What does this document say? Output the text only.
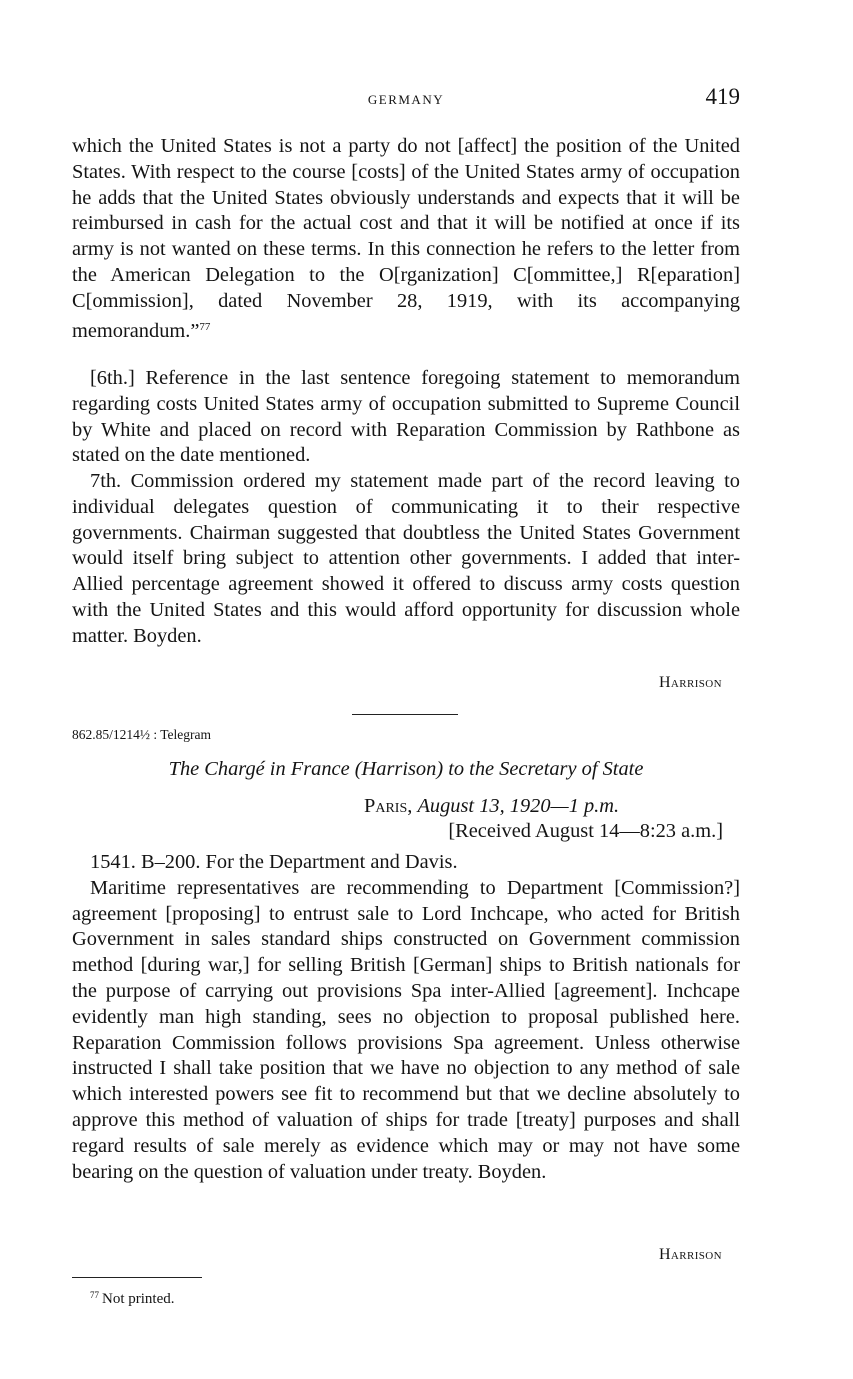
GERMANY	419

which the United States is not a party do not [affect] the position of the United States. With respect to the course [costs] of the United States army of occupation he adds that the United States obviously understands and expects that it will be reimbursed in cash for the actual cost and that it will be notified at once if its army is not wanted on these terms. In this connection he refers to the letter from the American Delegation to the O[rganization] C[ommittee,] R[eparation] C[ommission], dated November 28, 1919, with its accompanying memorandum.”$^{77}$

[6th.] Reference in the last sentence foregoing statement to memorandum regarding costs United States army of occupation submitted to Supreme Council by White and placed on record with Reparation Commission by Rathbone as stated on the date mentioned.

7th. Commission ordered my statement made part of the record leaving to individual delegates question of communicating it to their respective governments. Chairman suggested that doubtless the United States Government would itself bring subject to attention other governments. I added that inter-Allied percentage agreement showed it offered to discuss army costs question with the United States and this would afford opportunity for discussion whole matter. Boyden.

Harrison
862.85/1214½ : Telegram
The Chargé in France (Harrison) to the Secretary of State
Paris, August 13, 1920—1 p.m.
[Received August 14—8:23 a.m.]

1541. B–200. For the Department and Davis.

Maritime representatives are recommending to Department [Commission?] agreement [proposing] to entrust sale to Lord Inchcape, who acted for British Government in sales standard ships constructed on Government commission method [during war,] for selling British [German] ships to British nationals for the purpose of carrying out provisions Spa inter-Allied [agreement]. Inchcape evidently man high standing, sees no objection to proposal published here. Reparation Commission follows provisions Spa agreement. Unless otherwise instructed I shall take position that we have no objection to any method of sale which interested powers see fit to recommend but that we decline absolutely to approve this method of valuation of ships for trade [treaty] purposes and shall regard results of sale merely as evidence which may or may not have some bearing on the question of valuation under treaty. Boyden.

Harrison
$^{77}$ Not printed.
